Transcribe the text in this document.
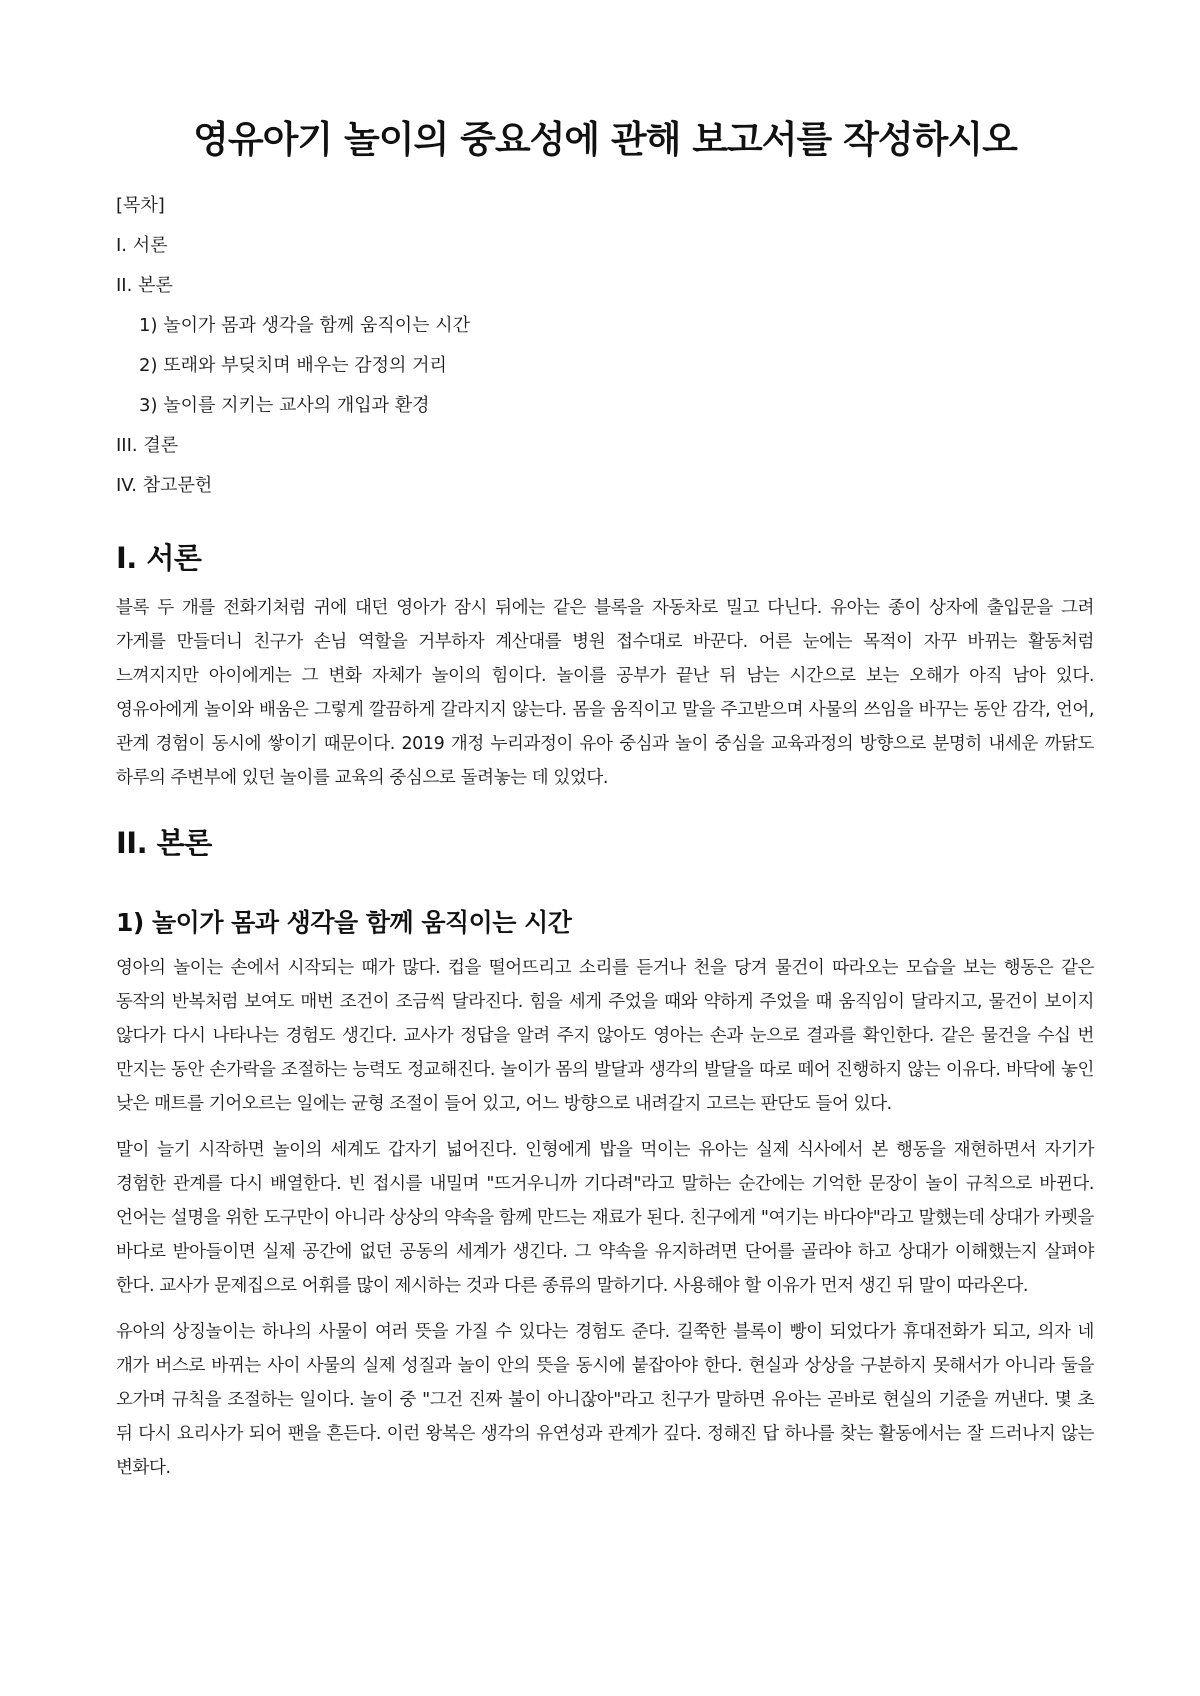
영유아기 놀이의 중요성에 관해 보고서를 작성하시오
[목차]
I. 서론
II. 본론
1) 놀이가 몸과 생각을 함께 움직이는 시간
2) 또래와 부딪치며 배우는 감정의 거리
3) 놀이를 지키는 교사의 개입과 환경
III. 결론
IV. 참고문헌
I. 서론

블록 두 개를 전화기처럼 귀에 대던 영아가 잠시 뒤에는 같은 블록을 자동차로 밀고 다닌다. 유아는 종이 상자에 출입문을 그려 가게를 만들더니 친구가 손님 역할을 거부하자 계산대를 병원 접수대로 바꾼다. 어른 눈에는 목적이 자꾸 바뀌는 활동처럼 느껴지지만 아이에게는 그 변화 자체가 놀이의 힘이다. 놀이를 공부가 끝난 뒤 남는 시간으로 보는 오해가 아직 남아 있다. 영유아에게 놀이와 배움은 그렇게 깔끔하게 갈라지지 않는다. 몸을 움직이고 말을 주고받으며 사물의 쓰임을 바꾸는 동안 감각, 언어, 관계 경험이 동시에 쌓이기 때문이다. 2019 개정 누리과정이 유아 중심과 놀이 중심을 교육과정의 방향으로 분명히 내세운 까닭도 하루의 주변부에 있던 놀이를 교육의 중심으로 돌려놓는 데 있었다.

II. 본론
1) 놀이가 몸과 생각을 함께 움직이는 시간

영아의 놀이는 손에서 시작되는 때가 많다. 컵을 떨어뜨리고 소리를 듣거나 천을 당겨 물건이 따라오는 모습을 보는 행동은 같은 동작의 반복처럼 보여도 매번 조건이 조금씩 달라진다. 힘을 세게 주었을 때와 약하게 주었을 때 움직임이 달라지고, 물건이 보이지 않다가 다시 나타나는 경험도 생긴다. 교사가 정답을 알려 주지 않아도 영아는 손과 눈으로 결과를 확인한다. 같은 물건을 수십 번 만지는 동안 손가락을 조절하는 능력도 정교해진다. 놀이가 몸의 발달과 생각의 발달을 따로 떼어 진행하지 않는 이유다. 바닥에 놓인 낮은 매트를 기어오르는 일에는 균형 조절이 들어 있고, 어느 방향으로 내려갈지 고르는 판단도 들어 있다.

말이 늘기 시작하면 놀이의 세계도 갑자기 넓어진다. 인형에게 밥을 먹이는 유아는 실제 식사에서 본 행동을 재현하면서 자기가 경험한 관계를 다시 배열한다. 빈 접시를 내밀며 "뜨거우니까 기다려"라고 말하는 순간에는 기억한 문장이 놀이 규칙으로 바뀐다. 언어는 설명을 위한 도구만이 아니라 상상의 약속을 함께 만드는 재료가 된다. 친구에게 "여기는 바다야"라고 말했는데 상대가 카펫을 바다로 받아들이면 실제 공간에 없던 공동의 세계가 생긴다. 그 약속을 유지하려면 단어를 골라야 하고 상대가 이해했는지 살펴야 한다. 교사가 문제집으로 어휘를 많이 제시하는 것과 다른 종류의 말하기다. 사용해야 할 이유가 먼저 생긴 뒤 말이 따라온다.

유아의 상징놀이는 하나의 사물이 여러 뜻을 가질 수 있다는 경험도 준다. 길쭉한 블록이 빵이 되었다가 휴대전화가 되고, 의자 네 개가 버스로 바뀌는 사이 사물의 실제 성질과 놀이 안의 뜻을 동시에 붙잡아야 한다. 현실과 상상을 구분하지 못해서가 아니라 둘을 오가며 규칙을 조절하는 일이다. 놀이 중 "그건 진짜 불이 아니잖아"라고 친구가 말하면 유아는 곧바로 현실의 기준을 꺼낸다. 몇 초 뒤 다시 요리사가 되어 팬을 흔든다. 이런 왕복은 생각의 유연성과 관계가 깊다. 정해진 답 하나를 찾는 활동에서는 잘 드러나지 않는 변화다.
